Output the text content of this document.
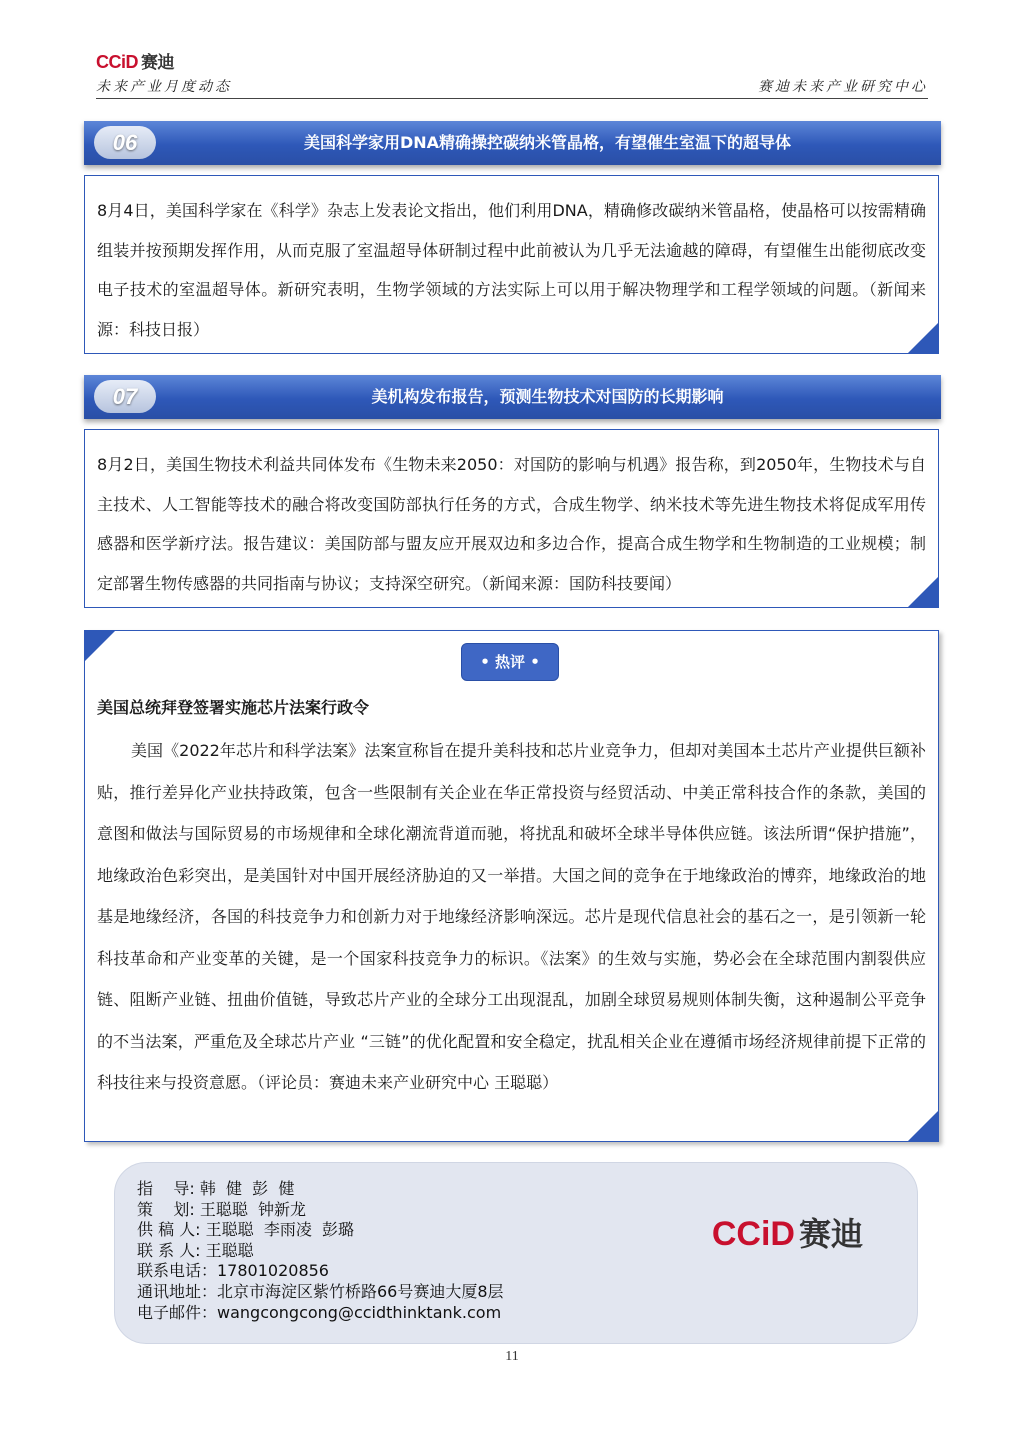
CCiD 赛迪
未来产业月度动态	赛迪未来产业研究中心
06	美国科学家用DNA精确操控碳纳米管晶格，有望催生室温下的超导体
8月4日，美国科学家在《科学》杂志上发表论文指出，他们利用DNA，精确修改碳纳米管晶格，使晶格可以按需精确组装并按预期发挥作用，从而克服了室温超导体研制过程中此前被认为几乎无法逾越的障碍，有望催生出能彻底改变电子技术的室温超导体。新研究表明，生物学领域的方法实际上可以用于解决物理学和工程学领域的问题。（新闻来源：科技日报）
07	美机构发布报告，预测生物技术对国防的长期影响
8月2日，美国生物技术利益共同体发布《生物未来2050：对国防的影响与机遇》报告称，到2050年，生物技术与自主技术、人工智能等技术的融合将改变国防部执行任务的方式，合成生物学、纳米技术等先进生物技术将促成军用传感器和医学新疗法。报告建议：美国防部与盟友应开展双边和多边合作，提高合成生物学和生物制造的工业规模；制定部署生物传感器的共同指南与协议；支持深空研究。（新闻来源：国防科技要闻）
• 热评 •
美国总统拜登签署实施芯片法案行政令
美国《2022年芯片和科学法案》法案宣称旨在提升美科技和芯片业竞争力，但却对美国本土芯片产业提供巨额补贴，推行差异化产业扶持政策，包含一些限制有关企业在华正常投资与经贸活动、中美正常科技合作的条款，美国的意图和做法与国际贸易的市场规律和全球化潮流背道而驰，将扰乱和破坏全球半导体供应链。该法所谓“保护措施”，地缘政治色彩突出，是美国针对中国开展经济胁迫的又一举措。大国之间的竞争在于地缘政治的博弈，地缘政治的地基是地缘经济，各国的科技竞争力和创新力对于地缘经济影响深远。芯片是现代信息社会的基石之一，是引领新一轮科技革命和产业变革的关键，是一个国家科技竞争力的标识。《法案》的生效与实施，势必会在全球范围内割裂供应链、阻断产业链、扭曲价值链，导致芯片产业的全球分工出现混乱，加剧全球贸易规则体制失衡，这种遏制公平竞争的不当法案，严重危及全球芯片产业 “三链”的优化配置和安全稳定，扰乱相关企业在遵循市场经济规律前提下正常的科技往来与投资意愿。（评论员：赛迪未来产业研究中心 王聪聪）
指    导: 韩  健  彭  健
策    划: 王聪聪  钟新龙
供 稿 人: 王聪聪  李雨凌  彭璐
联 系 人: 王聪聪
联系电话：17801020856
通讯地址：北京市海淀区紫竹桥路66号赛迪大厦8层
电子邮件：wangcongcong@ccidthinktank.com
CCiD 赛迪
11
